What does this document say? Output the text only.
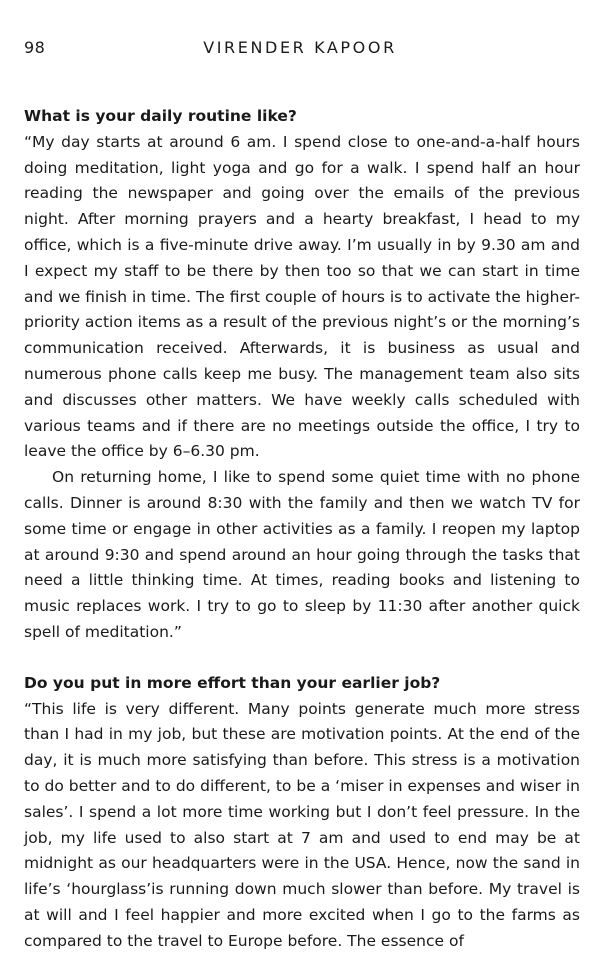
98	VIRENDER KAPOOR

What is your daily routine like?

“My day starts at around 6 am. I spend close to one-and-a-half hours doing meditation, light yoga and go for a walk. I spend half an hour reading the newspaper and going over the emails of the previous night. After morning prayers and a hearty breakfast, I head to my office, which is a five-minute drive away. I’m usually in by 9.30 am and I expect my staff to be there by then too so that we can start in time and we finish in time. The first couple of hours is to activate the higher-priority action items as a result of the previous night’s or the morning’s communication received. Afterwards, it is business as usual and numerous phone calls keep me busy. The management team also sits and discusses other matters. We have weekly calls scheduled with various teams and if there are no meetings outside the office, I try to leave the office by 6–6.30 pm.

On returning home, I like to spend some quiet time with no phone calls. Dinner is around 8:30 with the family and then we watch TV for some time or engage in other activities as a family. I reopen my laptop at around 9:30 and spend around an hour going through the tasks that need a little thinking time. At times, reading books and listening to music replaces work. I try to go to sleep by 11:30 after another quick spell of meditation.”

Do you put in more effort than your earlier job?

“This life is very different. Many points generate much more stress than I had in my job, but these are motivation points. At the end of the day, it is much more satisfying than before. This stress is a motivation to do better and to do different, to be a ‘miser in expenses and wiser in sales’. I spend a lot more time working but I don’t feel pressure. In the job, my life used to also start at 7 am and used to end may be at midnight as our headquarters were in the USA. Hence, now the sand in life’s ‘hourglass’is running down much slower than before. My travel is at will and I feel happier and more excited when I go to the farms as compared to the travel to Europe before. The essence of
